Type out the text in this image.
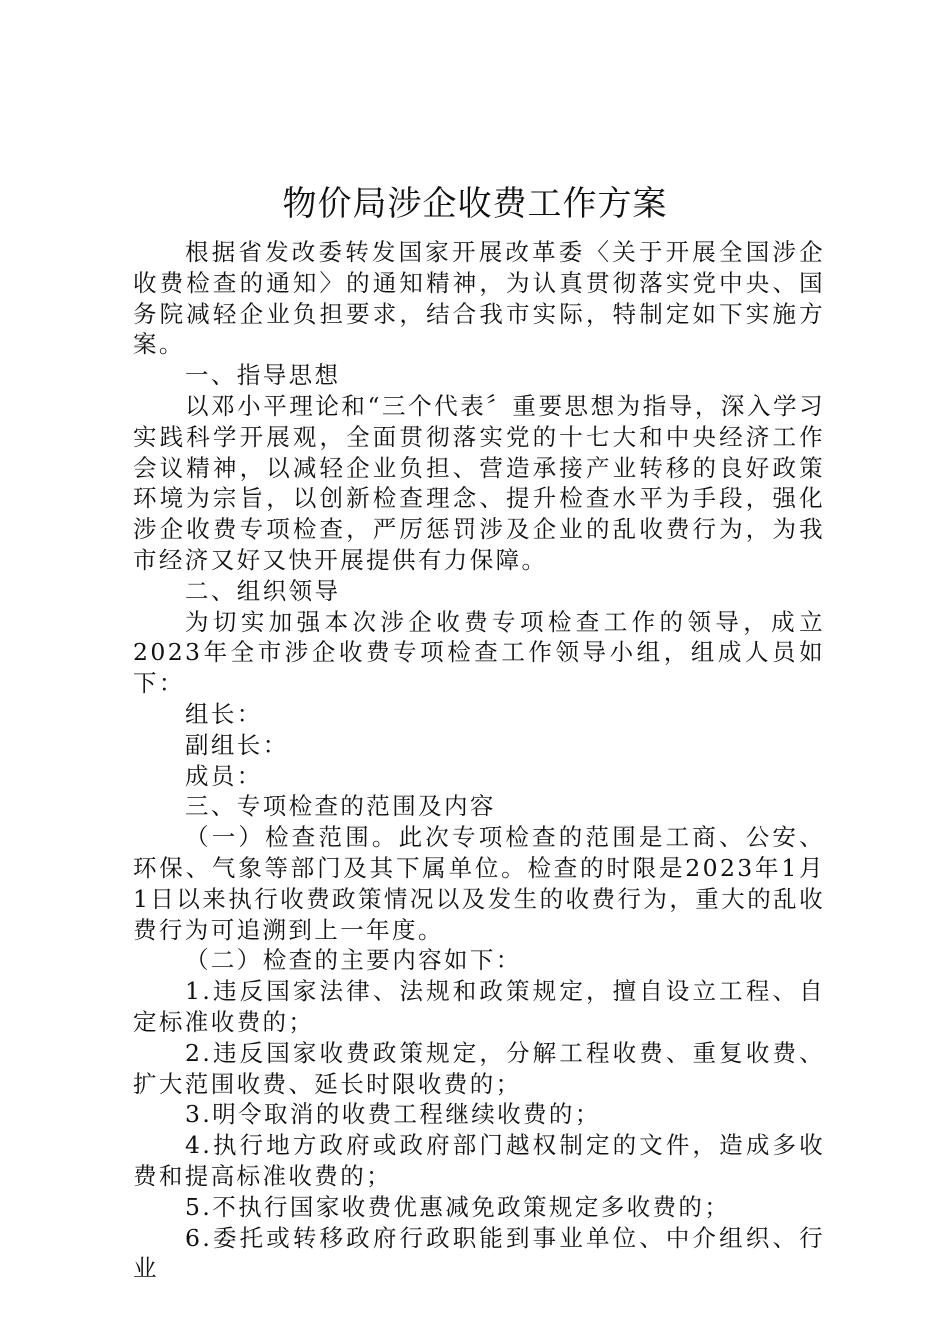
物价局涉企收费工作方案

根据省发改委转发国家开展改革委〈关于开展全国涉企收费检查的通知〉的通知精神，为认真贯彻落实党中央、国务院减轻企业负担要求，结合我市实际，特制定如下实施方案。

一、指导思想

以邓小平理论和“三个代表〞重要思想为指导，深入学习实践科学开展观，全面贯彻落实党的十七大和中央经济工作会议精神，以减轻企业负担、营造承接产业转移的良好政策环境为宗旨，以创新检查理念、提升检查水平为手段，强化涉企收费专项检查，严厉惩罚涉及企业的乱收费行为，为我市经济又好又快开展提供有力保障。

二、组织领导

为切实加强本次涉企收费专项检查工作的领导，成立2023年全市涉企收费专项检查工作领导小组，组成人员如下：

组长：

副组长：

成员：

三、专项检查的范围及内容

（一）检查范围。此次专项检查的范围是工商、公安、环保、气象等部门及其下属单位。检查的时限是2023年1月1日以来执行收费政策情况以及发生的收费行为，重大的乱收费行为可追溯到上一年度。

（二）检查的主要内容如下：

1.违反国家法律、法规和政策规定，擅自设立工程、自定标准收费的；

2.违反国家收费政策规定，分解工程收费、重复收费、扩大范围收费、延长时限收费的；

3.明令取消的收费工程继续收费的；

4.执行地方政府或政府部门越权制定的文件，造成多收费和提高标准收费的；

5.不执行国家收费优惠减免政策规定多收费的；

6.委托或转移政府行政职能到事业单位、中介组织、行业
